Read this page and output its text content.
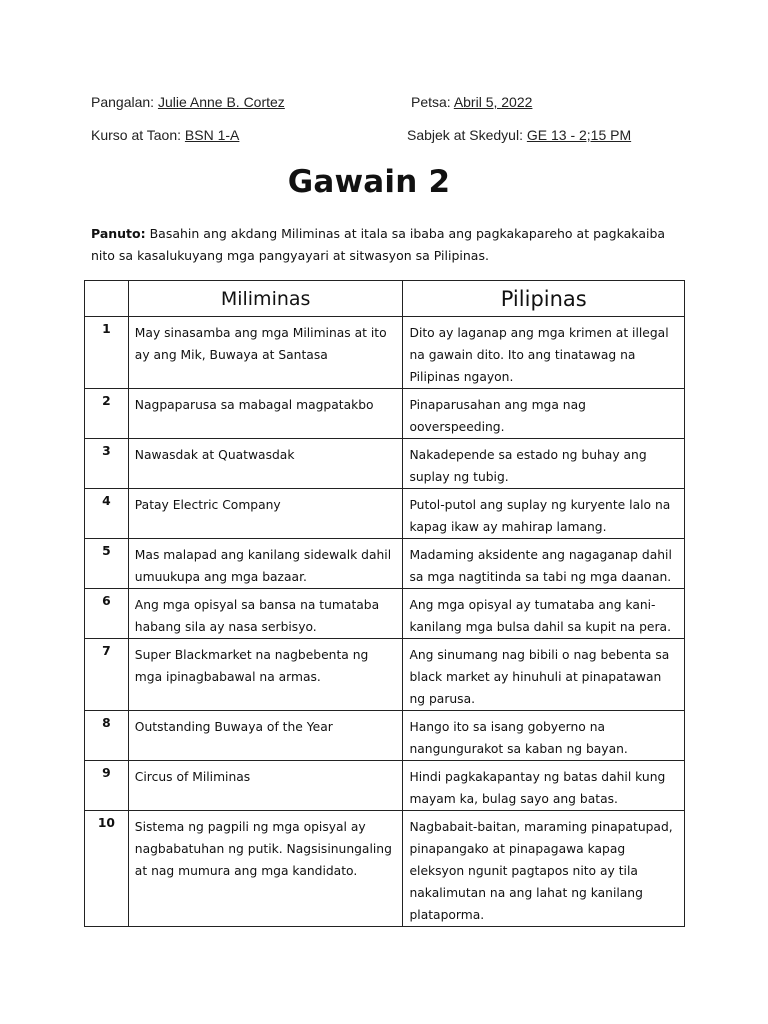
Pangalan: Julie Anne B. Cortez	Petsa: Abril 5, 2022
Kurso at Taon: BSN 1-A	Sabjek at Skedyul: GE 13 - 2;15 PM
Gawain 2
Panuto: Basahin ang akdang Miliminas at itala sa ibaba ang pagkakapareho at pagkakaiba nito sa kasalukuyang mga pangyayari at sitwasyon sa Pilipinas.
	Miliminas	Pilipinas
1	May sinasamba ang mga Miliminas at ito ay ang Mik, Buwaya at Santasa	Dito ay laganap ang mga krimen at illegal na gawain dito. Ito ang tinatawag na Pilipinas ngayon.
2	Nagpaparusa sa mabagal magpatakbo	Pinaparusahan ang mga nag ooverspeeding.
3	Nawasdak at Quatwasdak	Nakadepende sa estado ng buhay ang suplay ng tubig.
4	Patay Electric Company	Putol-putol ang suplay ng kuryente lalo na kapag ikaw ay mahirap lamang.
5	Mas malapad ang kanilang sidewalk dahil umuukupa ang mga bazaar.	Madaming aksidente ang nagaganap dahil sa mga nagtitinda sa tabi ng mga daanan.
6	Ang mga opisyal sa bansa na tumataba habang sila ay nasa serbisyo.	Ang mga opisyal ay tumataba ang kani-kanilang mga bulsa dahil sa kupit na pera.
7	Super Blackmarket na nagbebenta ng mga ipinagbabawal na armas.	Ang sinumang nag bibili o nag bebenta sa black market ay hinuhuli at pinapatawan ng parusa.
8	Outstanding Buwaya of the Year	Hango ito sa isang gobyerno na nangungurakot sa kaban ng bayan.
9	Circus of Miliminas	Hindi pagkakapantay ng batas dahil kung mayam ka, bulag sayo ang batas.
10	Sistema ng pagpili ng mga opisyal ay nagbabatuhan ng putik. Nagsisinungaling at nag mumura ang mga kandidato.	Nagbabait-baitan, maraming pinapatupad, pinapangako at pinapagawa kapag eleksyon ngunit pagtapos nito ay tila nakalimutan na ang lahat ng kanilang plataporma.
